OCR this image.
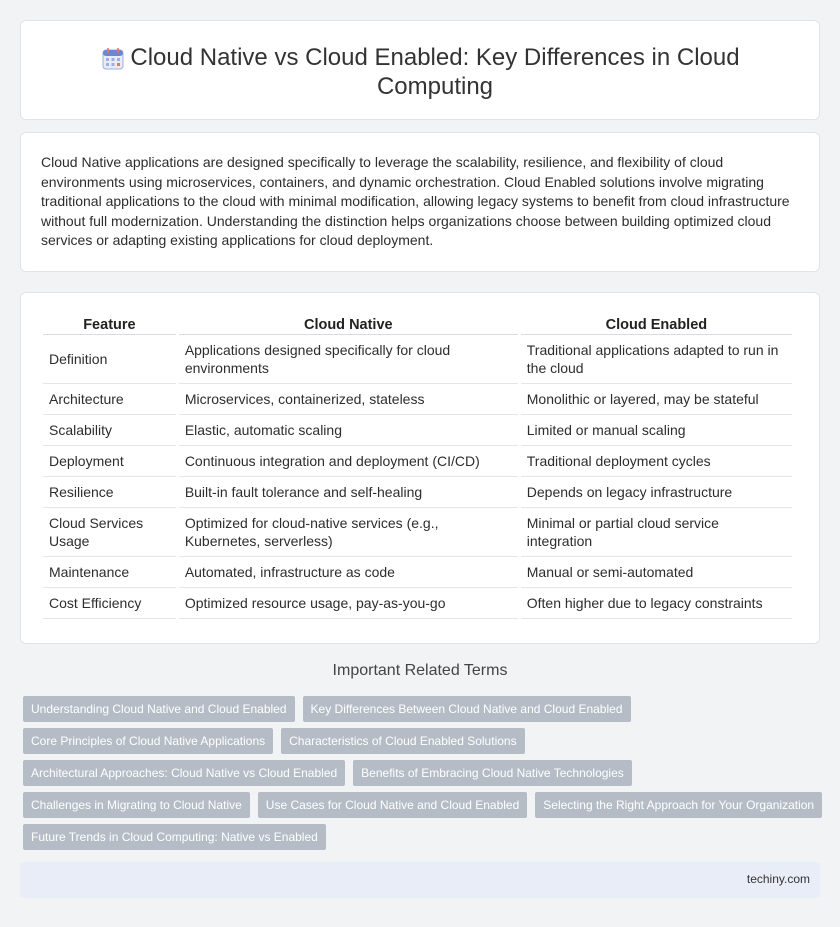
Cloud Native vs Cloud Enabled: Key Differences in Cloud Computing

Cloud Native applications are designed specifically to leverage the scalability, resilience, and flexibility of cloud environments using microservices, containers, and dynamic orchestration. Cloud Enabled solutions involve migrating traditional applications to the cloud with minimal modification, allowing legacy systems to benefit from cloud infrastructure without full modernization. Understanding the distinction helps organizations choose between building optimized cloud services or adapting existing applications for cloud deployment.

Feature	Cloud Native	Cloud Enabled
Definition	Applications designed specifically for cloud environments	Traditional applications adapted to run in the cloud
Architecture	Microservices, containerized, stateless	Monolithic or layered, may be stateful
Scalability	Elastic, automatic scaling	Limited or manual scaling
Deployment	Continuous integration and deployment (CI/CD)	Traditional deployment cycles
Resilience	Built-in fault tolerance and self-healing	Depends on legacy infrastructure
Cloud Services Usage	Optimized for cloud-native services (e.g., Kubernetes, serverless)	Minimal or partial cloud service integration
Maintenance	Automated, infrastructure as code	Manual or semi-automated
Cost Efficiency	Optimized resource usage, pay-as-you-go	Often higher due to legacy constraints
Important Related Terms
Understanding Cloud Native and Cloud Enabled	Key Differences Between Cloud Native and Cloud Enabled
Core Principles of Cloud Native Applications	Characteristics of Cloud Enabled Solutions
Architectural Approaches: Cloud Native vs Cloud Enabled	Benefits of Embracing Cloud Native Technologies
Challenges in Migrating to Cloud Native	Use Cases for Cloud Native and Cloud Enabled	Selecting the Right Approach for Your Organization
Future Trends in Cloud Computing: Native vs Enabled
techiny.com
